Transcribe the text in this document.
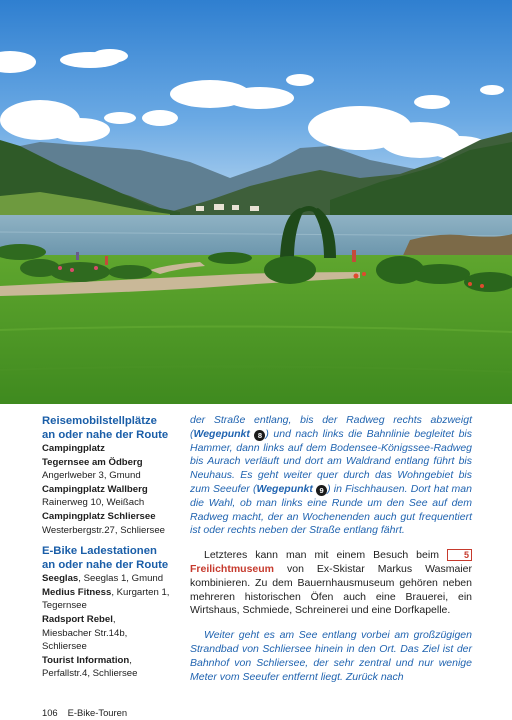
Reisemobilstellplätze
an oder nahe der Route
Campingplatz
Tegernsee am Ödberg
Angerlweber 3, Gmund
Campingplatz Wallberg
Rainerweg 10, Weißach
Campingplatz Schliersee
Westerbergstr.27, Schliersee
E-Bike Ladestationen
an oder nahe der Route
Seeglas, Seeglas 1, Gmund
Medius Fitness, Kurgarten 1,
Tegernsee
Radsport Rebel,
Miesbacher Str.14b,
Schliersee
Tourist Information,
Perfallstr.4, Schliersee

der Straße entlang, bis der Radweg rechts abzweigt (Wegepunkt 8 ) und nach links die Bahnlinie begleitet bis Hammer, dann links auf dem Bodensee-Königssee-Radweg bis Aurach verläuft und dort am Waldrand entlang führt bis Neuhaus. Es geht weiter quer durch das Wohngebiet bis zum Seeufer (Wegepunkt 9 ) in Fischhausen. Dort hat man die Wahl, ob man links eine Runde um den See auf dem Radweg macht, der an Wochenenden auch gut frequentiert ist oder rechts neben der Straße entlang fährt.

Letzteres kann man mit einem Besuch beim 5 Freilichtmuseum von Ex-Skistar Markus Wasmaier kombinieren. Zu dem Bauernhausmuseum gehören neben mehreren historischen Öfen auch eine Brauerei, ein Wirtshaus, Schmiede, Schreinerei und eine Dorfkapelle.

Weiter geht es am See entlang vorbei am großzügigen Strandbad von Schliersee hinein in den Ort. Das Ziel ist der Bahnhof von Schliersee, der sehr zentral und nur wenige Meter vom Seeufer entfernt liegt. Zurück nach

106 E-Bike-Touren
